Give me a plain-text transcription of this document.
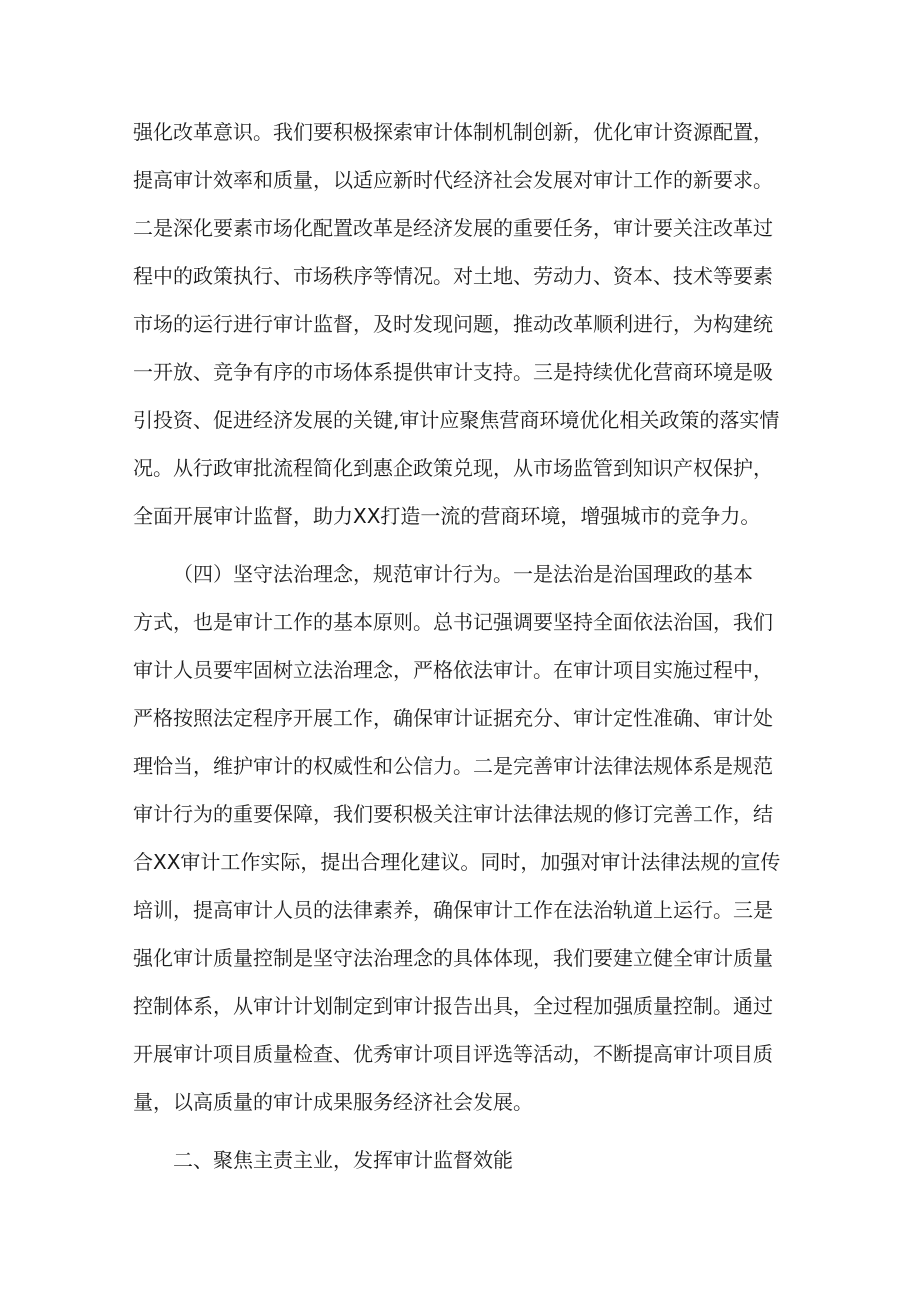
强化改革意识。我们要积极探索审计体制机制创新，优化审计资源配置，

提高审计效率和质量，以适应新时代经济社会发展对审计工作的新要求。

二是深化要素市场化配置改革是经济发展的重要任务，审计要关注改革过

程中的政策执行、市场秩序等情况。对土地、劳动力、资本、技术等要素

市场的运行进行审计监督，及时发现问题，推动改革顺利进行，为构建统

一开放、竞争有序的市场体系提供审计支持。三是持续优化营商环境是吸

引投资、促进经济发展的关键,审计应聚焦营商环境优化相关政策的落实情

况。从行政审批流程简化到惠企政策兑现，从市场监管到知识产权保护，

全面开展审计监督，助力XX打造一流的营商环境，增强城市的竞争力。

（四）坚守法治理念，规范审计行为。一是法治是治国理政的基本

方式，也是审计工作的基本原则。总书记强调要坚持全面依法治国，我们

审计人员要牢固树立法治理念，严格依法审计。在审计项目实施过程中，

严格按照法定程序开展工作，确保审计证据充分、审计定性准确、审计处

理恰当，维护审计的权威性和公信力。二是完善审计法律法规体系是规范

审计行为的重要保障，我们要积极关注审计法律法规的修订完善工作，结

合XX审计工作实际，提出合理化建议。同时，加强对审计法律法规的宣传

培训，提高审计人员的法律素养，确保审计工作在法治轨道上运行。三是

强化审计质量控制是坚守法治理念的具体体现，我们要建立健全审计质量

控制体系，从审计计划制定到审计报告出具，全过程加强质量控制。通过

开展审计项目质量检查、优秀审计项目评选等活动，不断提高审计项目质

量，以高质量的审计成果服务经济社会发展。

二、聚焦主责主业，发挥审计监督效能
